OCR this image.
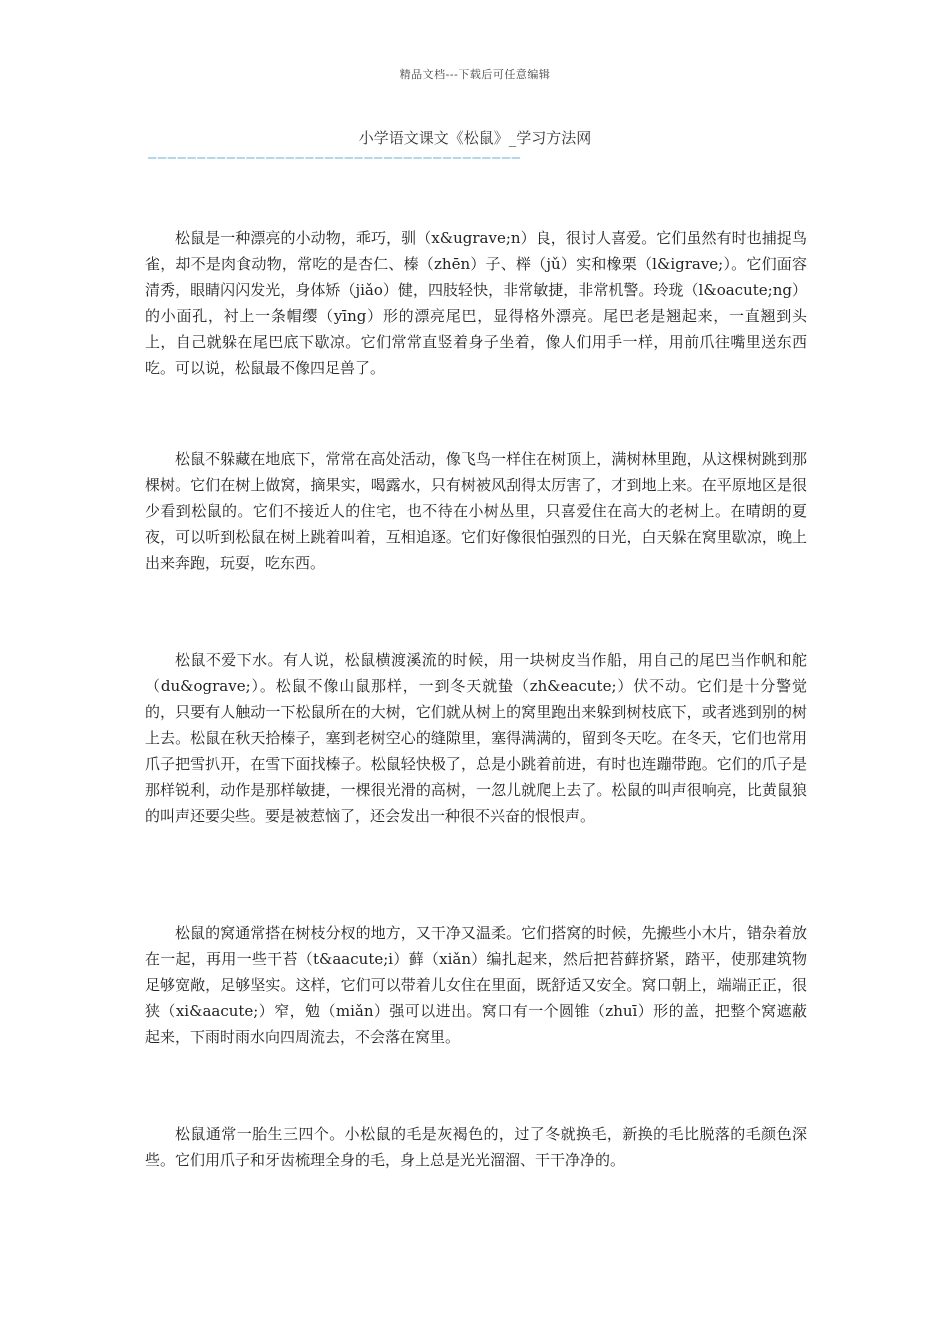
精品文档---下载后可任意编辑
小学语文课文《松鼠》_学习方法网
——————————————————————————————————————

松鼠是一种漂亮的小动物，乖巧，驯（x&ugrave;n）良，很讨人喜爱。它们虽然有时也捕捉鸟雀，却不是肉食动物，常吃的是杏仁、榛（zhēn）子、榉（jǔ）实和橡栗（l&igrave;）。它们面容清秀，眼睛闪闪发光，身体矫（jiǎo）健，四肢轻快，非常敏捷，非常机警。玲珑（l&oacute;ng）的小面孔，衬上一条帽缨（yīng）形的漂亮尾巴，显得格外漂亮。尾巴老是翘起来，一直翘到头上，自己就躲在尾巴底下歇凉。它们常常直竖着身子坐着，像人们用手一样，用前爪往嘴里送东西吃。可以说，松鼠最不像四足兽了。

松鼠不躲藏在地底下，常常在高处活动，像飞鸟一样住在树顶上，满树林里跑，从这棵树跳到那棵树。它们在树上做窝，摘果实，喝露水，只有树被风刮得太厉害了，才到地上来。在平原地区是很少看到松鼠的。它们不接近人的住宅，也不待在小树丛里，只喜爱住在高大的老树上。在晴朗的夏夜，可以听到松鼠在树上跳着叫着，互相追逐。它们好像很怕强烈的日光，白天躲在窝里歇凉，晚上出来奔跑，玩耍，吃东西。

松鼠不爱下水。有人说，松鼠横渡溪流的时候，用一块树皮当作船，用自己的尾巴当作帆和舵（du&ograve;）。松鼠不像山鼠那样，一到冬天就蛰（zh&eacute;）伏不动。它们是十分警觉的，只要有人触动一下松鼠所在的大树，它们就从树上的窝里跑出来躲到树枝底下，或者逃到别的树上去。松鼠在秋天拾榛子，塞到老树空心的缝隙里，塞得满满的，留到冬天吃。在冬天，它们也常用爪子把雪扒开，在雪下面找榛子。松鼠轻快极了，总是小跳着前进，有时也连蹦带跑。它们的爪子是那样锐利，动作是那样敏捷，一棵很光滑的高树，一忽儿就爬上去了。松鼠的叫声很响亮，比黄鼠狼的叫声还要尖些。要是被惹恼了，还会发出一种很不兴奋的恨恨声。

松鼠的窝通常搭在树枝分杈的地方，又干净又温柔。它们搭窝的时候，先搬些小木片，错杂着放在一起，再用一些干苔（t&aacute;i）藓（xiǎn）编扎起来，然后把苔藓挤紧，踏平，使那建筑物足够宽敞，足够坚实。这样，它们可以带着儿女住在里面，既舒适又安全。窝口朝上，端端正正，很狭（xi&aacute;）窄，勉（miǎn）强可以进出。窝口有一个圆锥（zhuī）形的盖，把整个窝遮蔽起来，下雨时雨水向四周流去，不会落在窝里。

松鼠通常一胎生三四个。小松鼠的毛是灰褐色的，过了冬就换毛，新换的毛比脱落的毛颜色深些。它们用爪子和牙齿梳理全身的毛，身上总是光光溜溜、干干净净的。
